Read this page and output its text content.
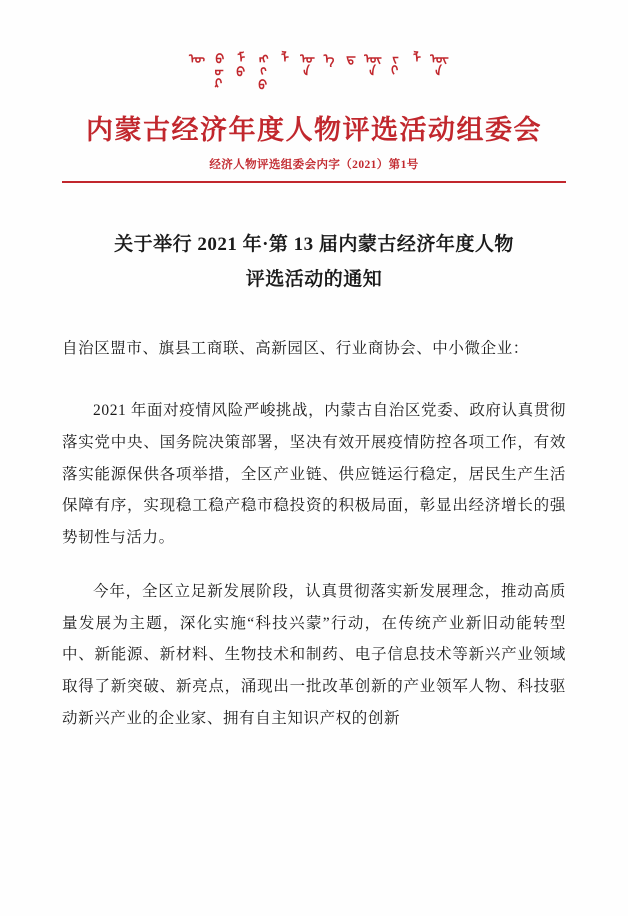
ᠦ ᠪᠦᠷ ᠮᠣ ᠩᠭᠣ ᠯ ᠤᠨ ᠡ ᠳ ᠦ᠋ᠨ ᠵᠢ ᠯ ᠦᠨ
内蒙古经济年度人物评选活动组委会
经济人物评选组委会内字（2021）第1号
关于举行 2021 年·第 13 届内蒙古经济年度人物
评选活动的通知

自治区盟市、旗县工商联、高新园区、行业商协会、中小微企业：

2021 年面对疫情风险严峻挑战，内蒙古自治区党委、政府认真贯彻落实党中央、国务院决策部署，坚决有效开展疫情防控各项工作，有效落实能源保供各项举措，全区产业链、供应链运行稳定，居民生产生活保障有序，实现稳工稳产稳市稳投资的积极局面，彰显出经济增长的强势韧性与活力。

今年，全区立足新发展阶段，认真贯彻落实新发展理念，推动高质量发展为主题，深化实施“科技兴蒙”行动，在传统产业新旧动能转型中、新能源、新材料、生物技术和制药、电子信息技术等新兴产业领域取得了新突破、新亮点，涌现出一批改革创新的产业领军人物、科技驱动新兴产业的企业家、拥有自主知识产权的创新
